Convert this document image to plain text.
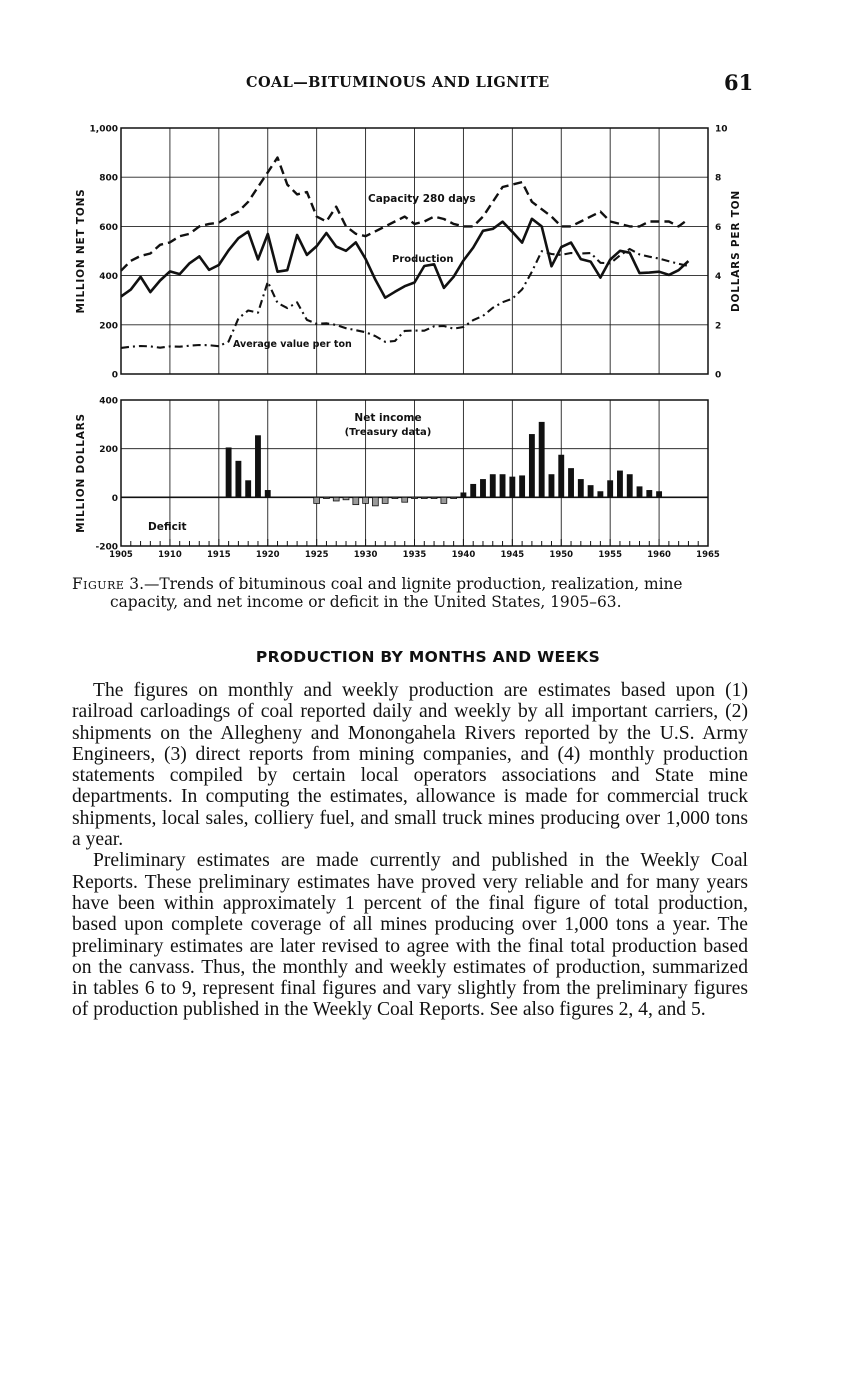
COAL—BITUMINOUS AND LIGNITE	61
1,000
800
600
400
200
0
10
8
6
4
2
0
Capacity 280 days
Production
Average value per ton
MILLION NET TONS	DOLLARS PER TON
400
200
0
-200
1905	1910	1915	1920	1925	1930	1935	1940	1945	1950	1955	1960	1965
Net income
(Treasury data)
Deficit
MILLION DOLLARS
Figure 3.—Trends of bituminous coal and lignite production, realization, mine
capacity, and net income or deficit in the United States, 1905–63.
PRODUCTION BY MONTHS AND WEEKS

The figures on monthly and weekly production are estimates based upon (1) railroad carloadings of coal reported daily and weekly by all important carriers, (2) shipments on the Allegheny and Monongahela Rivers reported by the U.S. Army Engineers, (3) direct reports from mining companies, and (4) monthly production statements compiled by certain local operators associations and State mine departments. In computing the estimates, allowance is made for commercial truck shipments, local sales, colliery fuel, and small truck mines producing over 1,000 tons a year.

Preliminary estimates are made currently and published in the Weekly Coal Reports. These preliminary estimates have proved very reliable and for many years have been within approximately 1 percent of the final figure of total production, based upon complete coverage of all mines producing over 1,000 tons a year. The preliminary estimates are later revised to agree with the final total production based on the canvass. Thus, the monthly and weekly estimates of production, summarized in tables 6 to 9, represent final figures and vary slightly from the preliminary figures of production published in the Weekly Coal Reports. See also figures 2, 4, and 5.
